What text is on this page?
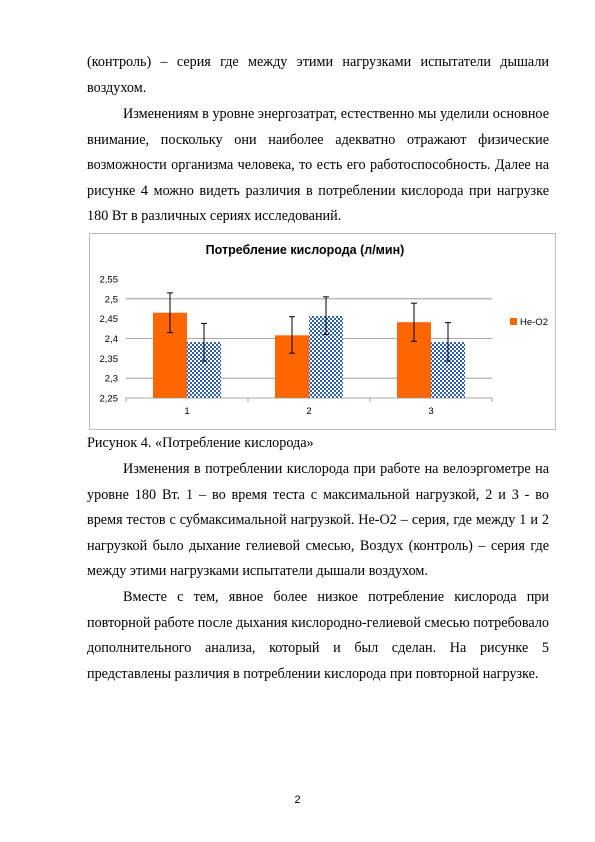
(контроль) – серия где между этими нагрузками испытатели дышали воздухом.

Изменениям в уровне энергозатрат, естественно мы уделили основное внимание, поскольку они наиболее адекватно отражают физические возможности организма человека, то есть его работоспособность. Далее на рисунке 4 можно видеть различия в потреблении кислорода при нагрузке 180 Вт в различных сериях исследований.

2,55
2,5
2,45
2,4
2,35
2,3
2,25
1	2	3
Потребление кислорода (л/мин)
He-O2

Рисунок 4. «Потребление кислорода»

Изменения в потреблении кислорода при работе на велоэргометре на уровне 180 Вт. 1 – во время теста с максимальной нагрузкой, 2 и 3 - во время тестов с субмаксимальной нагрузкой. He-O2 – серия, где между 1 и 2 нагрузкой было дыхание гелиевой смесью, Воздух (контроль) – серия где между этими нагрузками испытатели дышали воздухом.

Вместе с тем, явное более низкое потребление кислорода при повторной работе после дыхания кислородно-гелиевой смесью потребовало дополнительного анализа, который и был сделан. На рисунке 5 представлены различия в потреблении кислорода при повторной нагрузке.

2
